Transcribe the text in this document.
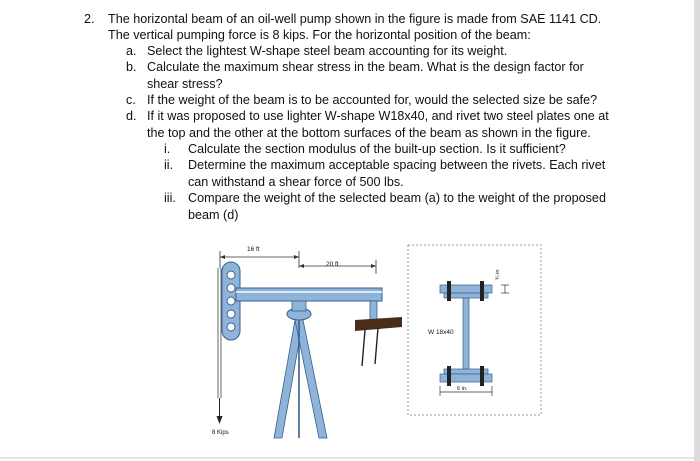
2. The horizontal beam of an oil-well pump shown in the figure is made from SAE 1141 CD.
The vertical pumping force is 8 kips. For the horizontal position of the beam:
a. Select the lightest W-shape steel beam accounting for its weight.
b. Calculate the maximum shear stress in the beam. What is the design factor for
shear stress?
c. If the weight of the beam is to be accounted for, would the selected size be safe?
d. If it was proposed to use lighter W-shape W18x40, and rivet two steel plates one at
the top and the other at the bottom surfaces of the beam as shown in the figure.
i. Calculate the section modulus of the built-up section. Is it sufficient?
ii. Determine the maximum acceptable spacing between the rivets. Each rivet
can withstand a shear force of 500 lbs.
iii. Compare the weight of the selected beam (a) to the weight of the proposed
beam (d)
16 ft
20 ft
8 Kips
W 18x40
6 in.
¾ in
